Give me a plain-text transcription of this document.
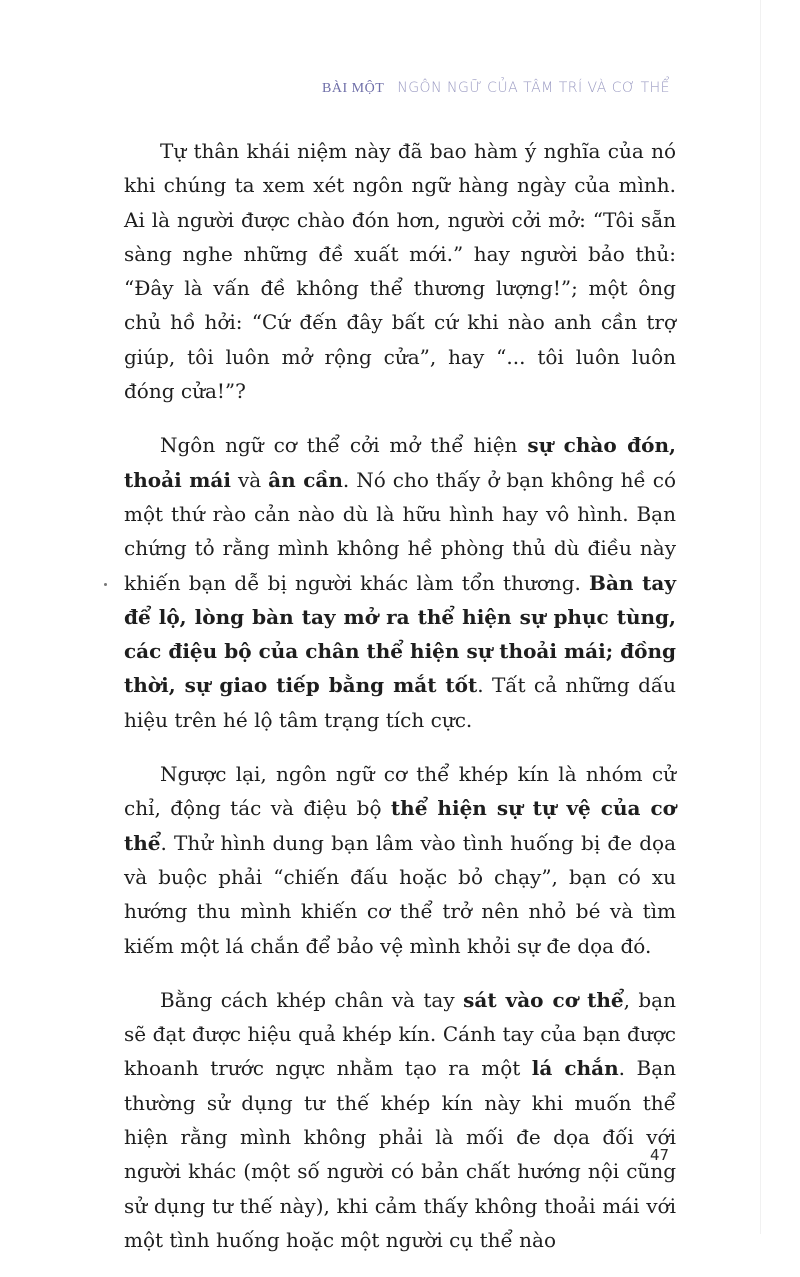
BÀI MỘT NGÔN NGỮ CỦA TÂM TRÍ VÀ CƠ THỂ

Tự thân khái niệm này đã bao hàm ý nghĩa của nó khi chúng ta xem xét ngôn ngữ hàng ngày của mình. Ai là người được chào đón hơn, người cởi mở: “Tôi sẵn sàng nghe những đề xuất mới.” hay người bảo thủ: “Đây là vấn đề không thể thương lượng!”; một ông chủ hồ hởi: “Cứ đến đây bất cứ khi nào anh cần trợ giúp, tôi luôn mở rộng cửa”, hay “... tôi luôn luôn đóng cửa!”?

Ngôn ngữ cơ thể cởi mở thể hiện sự chào đón, thoải mái và ân cần. Nó cho thấy ở bạn không hề có một thứ rào cản nào dù là hữu hình hay vô hình. Bạn chứng tỏ rằng mình không hề phòng thủ dù điều này khiến bạn dễ bị người khác làm tổn thương. Bàn tay để lộ, lòng bàn tay mở ra thể hiện sự phục tùng, các điệu bộ của chân thể hiện sự thoải mái; đồng thời, sự giao tiếp bằng mắt tốt. Tất cả những dấu hiệu trên hé lộ tâm trạng tích cực.

Ngược lại, ngôn ngữ cơ thể khép kín là nhóm cử chỉ, động tác và điệu bộ thể hiện sự tự vệ của cơ thể. Thử hình dung bạn lâm vào tình huống bị đe dọa và buộc phải “chiến đấu hoặc bỏ chạy”, bạn có xu hướng thu mình khiến cơ thể trở nên nhỏ bé và tìm kiếm một lá chắn để bảo vệ mình khỏi sự đe dọa đó.

Bằng cách khép chân và tay sát vào cơ thể, bạn sẽ đạt được hiệu quả khép kín. Cánh tay của bạn được khoanh trước ngực nhằm tạo ra một lá chắn. Bạn thường sử dụng tư thế khép kín này khi muốn thể hiện rằng mình không phải là mối đe dọa đối với người khác (một số người có bản chất hướng nội cũng sử dụng tư thế này), khi cảm thấy không thoải mái với một tình huống hoặc một người cụ thể nào

47
